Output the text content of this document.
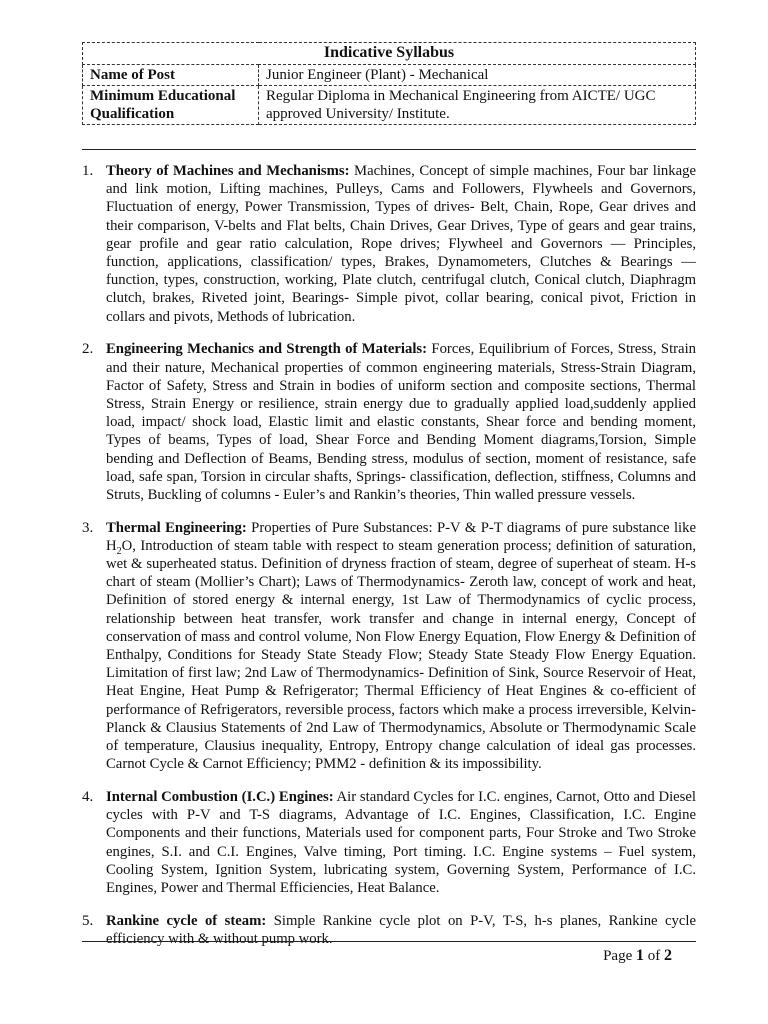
Indicative Syllabus	
Name of Post	Junior Engineer (Plant) - Mechanical
Minimum Educational Qualification	Regular Diploma in Mechanical Engineering from AICTE/ UGC approved University/ Institute.
1. Theory of Machines and Mechanisms: Machines, Concept of simple machines, Four bar linkage and link motion, Lifting machines, Pulleys, Cams and Followers, Flywheels and Governors, Fluctuation of energy, Power Transmission, Types of drives- Belt, Chain, Rope, Gear drives and their comparison, V-belts and Flat belts, Chain Drives, Gear Drives, Type of gears and gear trains, gear profile and gear ratio calculation, Rope drives; Flywheel and Governors — Principles, function, applications, classification/ types, Brakes, Dynamometers, Clutches & Bearings — function, types, construction, working, Plate clutch, centrifugal clutch, Conical clutch, Diaphragm clutch, brakes, Riveted joint, Bearings- Simple pivot, collar bearing, conical pivot, Friction in collars and pivots, Methods of lubrication.
2. Engineering Mechanics and Strength of Materials: Forces, Equilibrium of Forces, Stress, Strain and their nature, Mechanical properties of common engineering materials, Stress-Strain Diagram, Factor of Safety, Stress and Strain in bodies of uniform section and composite sections, Thermal Stress, Strain Energy or resilience, strain energy due to gradually applied load,suddenly applied load, impact/ shock load, Elastic limit and elastic constants, Shear force and bending moment, Types of beams, Types of load, Shear Force and Bending Moment diagrams,Torsion, Simple bending and Deflection of Beams, Bending stress, modulus of section, moment of resistance, safe load, safe span, Torsion in circular shafts, Springs- classification, deflection, stiffness, Columns and Struts, Buckling of columns - Euler’s and Rankin’s theories, Thin walled pressure vessels.
3. Thermal Engineering: Properties of Pure Substances: P-V & P-T diagrams of pure substance like $H_2O$, Introduction of steam table with respect to steam generation process; definition of saturation, wet & superheated status. Definition of dryness fraction of steam, degree of superheat of steam. H-s chart of steam (Mollier’s Chart); Laws of Thermodynamics- Zeroth law, concept of work and heat, Definition of stored energy & internal energy, 1st Law of Thermodynamics of cyclic process, relationship between heat transfer, work transfer and change in internal energy, Concept of conservation of mass and control volume, Non Flow Energy Equation, Flow Energy & Definition of Enthalpy, Conditions for Steady State Steady Flow; Steady State Steady Flow Energy Equation. Limitation of first law; 2nd Law of Thermodynamics- Definition of Sink, Source Reservoir of Heat, Heat Engine, Heat Pump & Refrigerator; Thermal Efficiency of Heat Engines & co-efficient of performance of Refrigerators, reversible process, factors which make a process irreversible, Kelvin-Planck & Clausius Statements of 2nd Law of Thermodynamics, Absolute or Thermodynamic Scale of temperature, Clausius inequality, Entropy, Entropy change calculation of ideal gas processes. Carnot Cycle & Carnot Efficiency; PMM2 - definition & its impossibility.
4. Internal Combustion (I.C.) Engines: Air standard Cycles for I.C. engines, Carnot, Otto and Diesel cycles with P-V and T-S diagrams, Advantage of I.C. Engines, Classification, I.C. Engine Components and their functions, Materials used for component parts, Four Stroke and Two Stroke engines, S.I. and C.I. Engines, Valve timing, Port timing. I.C. Engine systems – Fuel system, Cooling System, Ignition System, lubricating system, Governing System, Performance of I.C. Engines, Power and Thermal Efficiencies, Heat Balance.
5. Rankine cycle of steam: Simple Rankine cycle plot on P-V, T-S, h-s planes, Rankine cycle efficiency with & without pump work.
Page 1 of 2
